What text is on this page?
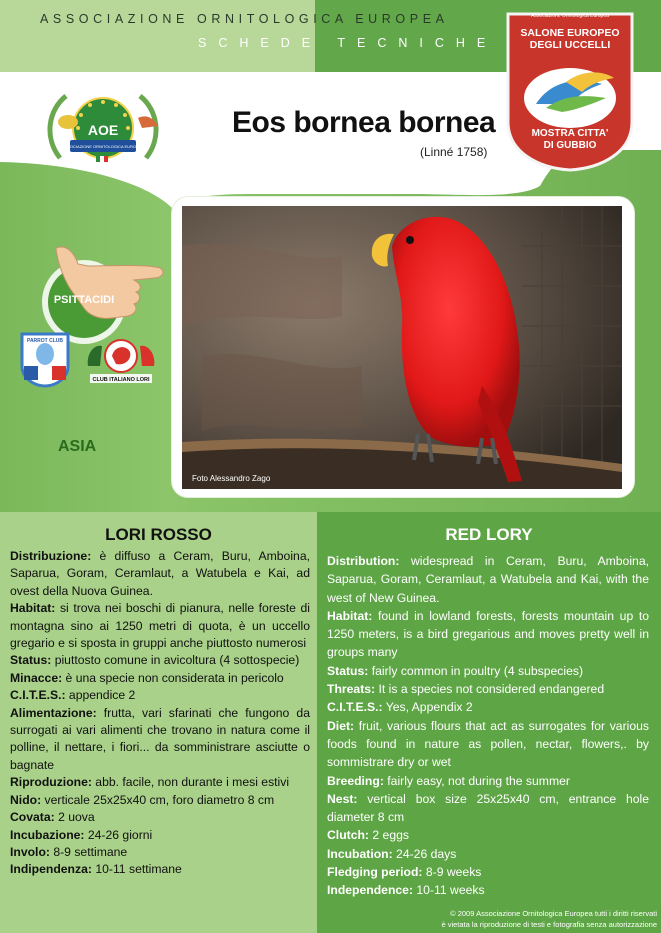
ASSOCIAZIONE ORNITOLOGICA EUROPEA
SCHEDE TECNICHE
ASSOCIAZIONE ORNITOLOGICA EUROPEA
AOE	Eos bornea bornea
(Linné 1758)
Associazione Ornitologica Europea
SALONE EUROPEO
DEGLI UCCELLI
MOSTRA CITTA'
DI GUBBIO
PSITTACIDI
PARROT CLUB
CLUB ITALIANO LORI
ASIA
Foto Alessandro Zago
LORI ROSSO	RED LORY

Distribuzione: è diffuso a Ceram, Buru, Amboina, Saparua, Goram, Ceramlaut, a Watubela e Kai, ad ovest della Nuova Guinea.

Habitat: si trova nei boschi di pianura, nelle foreste di montagna sino ai 1250 metri di quota, è un uccello gregario e si sposta in gruppi anche piuttosto numerosi

Status: piuttosto comune in avicoltura (4 sottospecie)

Minacce: è una specie non considerata in pericolo

C.I.T.E.S.: appendice 2

Alimentazione: frutta, vari sfarinati che fungono da surrogati ai vari alimenti che trovano in natura come il polline, il nettare, i fiori... da somministrare asciutte o bagnate

Riproduzione: abb. facile, non durante i mesi estivi

Nido: verticale 25x25x40 cm, foro diametro 8 cm

Covata: 2 uova

Incubazione: 24-26 giorni

Involo: 8-9 settimane

Indipendenza: 10-11 settimane

Distribution: widespread in Ceram, Buru, Amboina, Saparua, Goram, Ceramlaut, a Watubela and Kai, with the west of New Guinea.

Habitat: found in lowland forests, forests mountain up to 1250 meters, is a bird gregarious and moves pretty well in groups many

Status: fairly common in poultry (4 subspecies)

Threats: It is a species not considered endangered

C.I.T.E.S.: Yes, Appendix 2

Diet: fruit, various flours that act as surrogates for various foods found in nature as pollen, nectar, flowers,. by sommistrare dry or wet

Breeding: fairly easy, not during the summer

Nest: vertical box size 25x25x40 cm, entrance hole diameter 8 cm

Clutch: 2 eggs

Incubation: 24-26 days

Fledging period: 8-9 weeks

Independence: 10-11 weeks

© 2009 Associazione Ornitologica Europea tutti i diritti riservati
è vietata la riproduzione di testi e fotografia senza autorizzazione
